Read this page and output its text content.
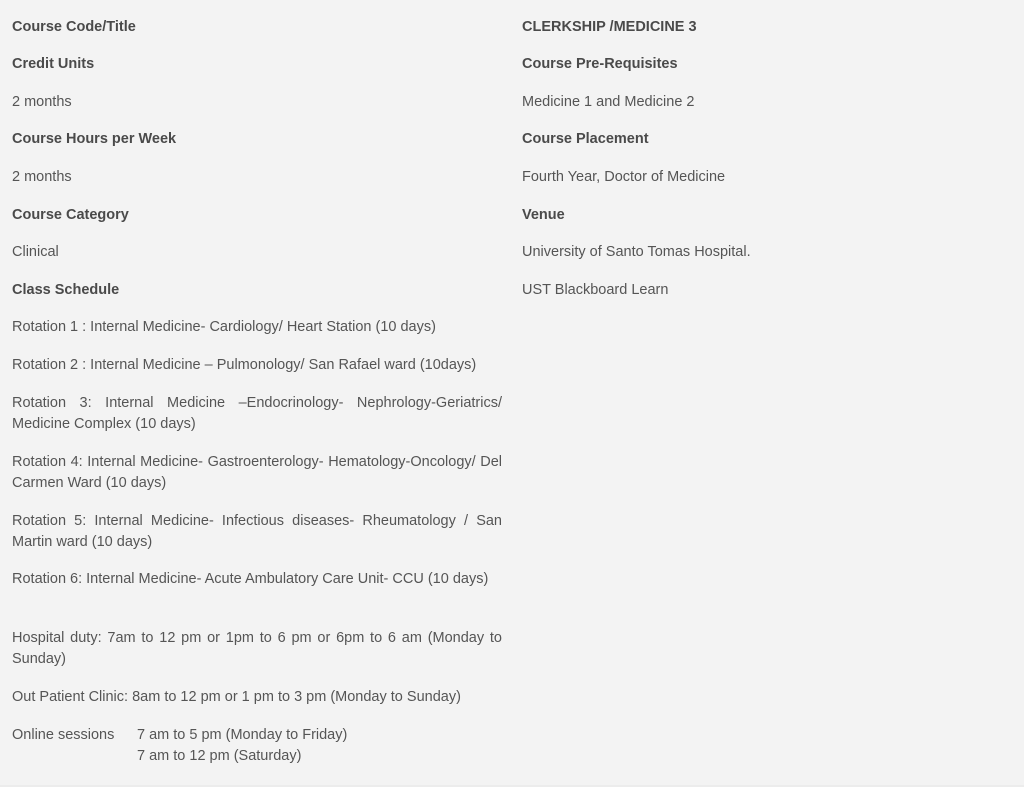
Course Code/Title

Credit Units

2 months

Course Hours per Week

2 months

Course Category

Clinical

Class Schedule

Rotation 1 : Internal Medicine- Cardiology/ Heart Station (10 days)

Rotation 2 : Internal Medicine – Pulmonology/ San Rafael ward (10days)

Rotation 3: Internal Medicine –Endocrinology- Nephrology-Geriatrics/ Medicine Complex (10 days)

Rotation 4: Internal Medicine- Gastroenterology- Hematology-Oncology/ Del Carmen Ward (10 days)

Rotation 5: Internal Medicine- Infectious diseases- Rheumatology / San Martin ward (10 days)

Rotation 6: Internal Medicine- Acute Ambulatory Care Unit- CCU (10 days)

Hospital duty: 7am to 12 pm or 1pm to 6 pm or 6pm to 6 am (Monday to Sunday)

Out Patient Clinic: 8am to 12 pm or 1 pm to 3 pm (Monday to Sunday)

Online sessions 7 am to 5 pm (Monday to Friday)
7 am to 12 pm (Saturday)

CLERKSHIP /MEDICINE 3

Course Pre-Requisites

Medicine 1 and Medicine 2

Course Placement

Fourth Year, Doctor of Medicine

Venue

University of Santo Tomas Hospital.

UST Blackboard Learn
